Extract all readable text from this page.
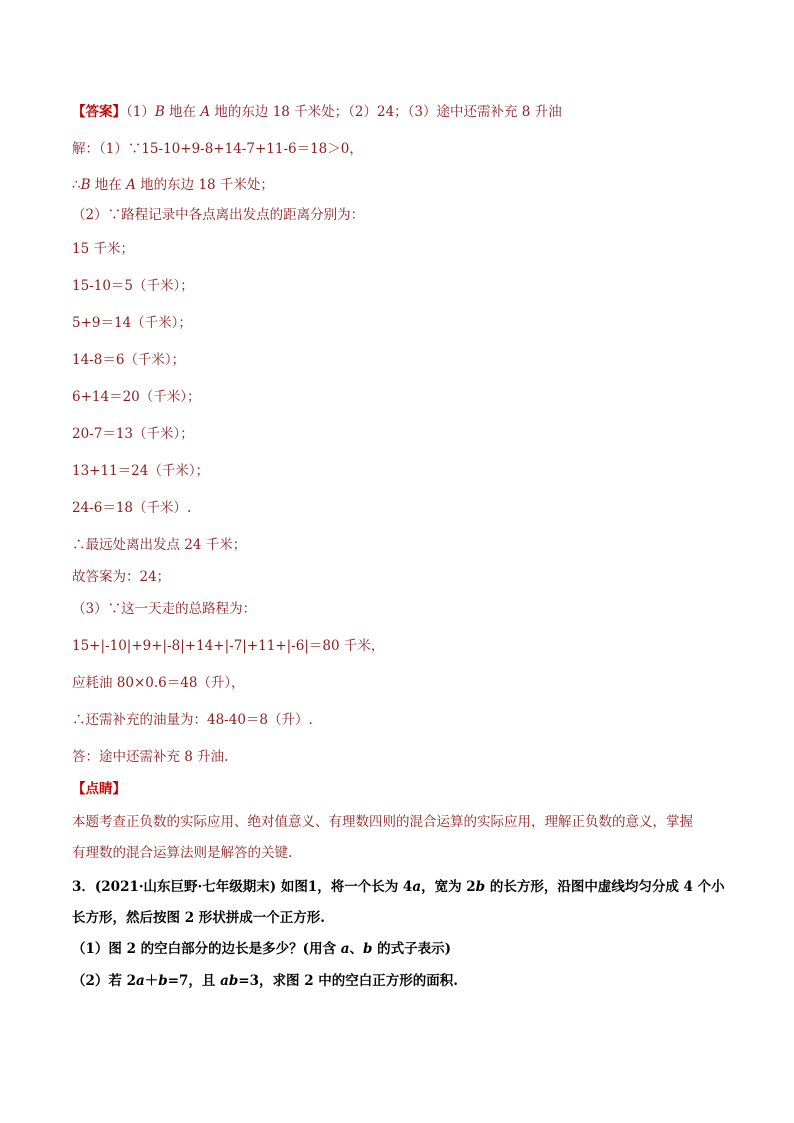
【答案】（1）B 地在 A 地的东边 18 千米处；（2）24；（3）途中还需补充 8 升油
解：（1）∵15-10+9-8+14-7+11-6＝18＞0，
∴B 地在 A 地的东边 18 千米处；
（2）∵路程记录中各点离出发点的距离分别为：
15 千米；
15-10＝5（千米）；
5+9＝14（千米）；
14-8＝6（千米）；
6+14＝20（千米）；
20-7＝13（千米）；
13+11＝24（千米）；
24-6＝18（千米）.
∴最远处离出发点 24 千米；
故答案为：24；
（3）∵这一天走的总路程为：
15+|-10|+9+|-8|+14+|-7|+11+|-6|＝80 千米，
应耗油 80×0.6＝48（升），
∴还需补充的油量为：48-40＝8（升）.
答：途中还需补充 8 升油.
【点睛】
本题考查正负数的实际应用、绝对值意义、有理数四则的混合运算的实际应用，理解正负数的意义，掌握
有理数的混合运算法则是解答的关键.
3．(2021·山东巨野·七年级期末) 如图1，将一个长为 4a，宽为 2b 的长方形，沿图中虚线均匀分成 4 个小
长方形，然后按图 2 形状拼成一个正方形.
（1）图 2 的空白部分的边长是多少？(用含 a、b 的式子表示)
（2）若 2a＋b=7，且 ab=3，求图 2 中的空白正方形的面积.
